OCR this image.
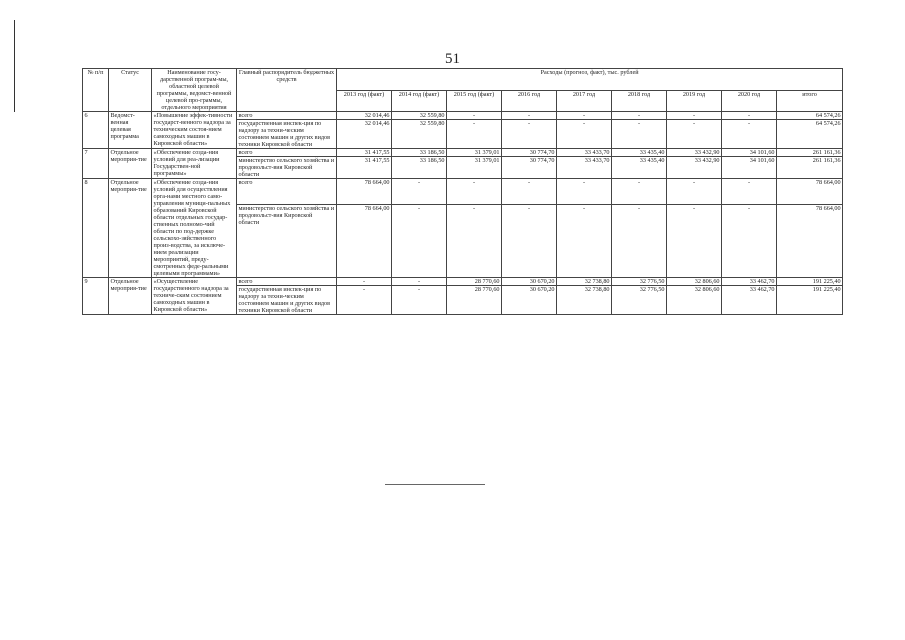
51
№ п/п	Статус	Наименование госу-дарственной програм-мы, областной целевой программы, ведомст-венной целевой про-граммы, отдельного мероприятия	Главный распорядитель бюджетных средств	Расходы (прогноз, факт), тыс. рублей								
				2013 год (факт)	2014 год (факт)	2015 год (факт)	2016 год	2017 год	2018 год	2019 год	2020 год	итого
6	Ведомст-венная целевая программа	«Повышение эффек-тивности государст-венного надзора за техническим состоя-нием самоходных машин в Кировской области»	всего	32 014,46	32 559,80	-	-	-	-	-	-	64 574,26
			государственная инспек-ция по надзору за техни-ческим состоянием машин и других видов техники Кировской области	32 014,46	32 559,80	-	-	-	-	-	-	64 574,26
7	Отдельное мероприя-тие	«Обеспечение созда-ния условий для реа-лизации Государствен-ной программы»	всего	31 417,55	33 186,50	31 379,01	30 774,70	33 433,70	33 435,40	33 432,90	34 101,60	261 161,36
			министерство сельского хозяйства и продовольст-вия Кировской области	31 417,55	33 186,50	31 379,01	30 774,70	33 433,70	33 435,40	33 432,90	34 101,60	261 161,36
8	Отдельное мероприя-тие	«Обеспечение созда-ния условий для осуществления орга-нами местного само-управления муници-пальных образований Кировской области отдельных государ-ственных полномо-чий области по под-держке сельскохо-зяйственного произ-водства, за исключе-нием реализации мероприятий, преду-смотренных феде-ральными целевыми программами»	всего	78 664,00	-	-	-	-	-	-	-	78 664,00
			министерство сельского хозяйства и продовольст-вия Кировской области	78 664,00	-	-	-	-	-	-	-	78 664,00
9	Отдельное мероприя-тие	«Осуществление государственного надзора за техниче-ским состоянием самоходных машин в Кировской области»	всего	-	-	28 770,60	30 670,20	32 738,80	32 776,50	32 806,60	33 462,70	191 225,40
			государственная инспек-ция по надзору за техни-ческим состоянием машин и других видов техники Кировской области	-	-	28 770,60	30 670,20	32 738,80	32 776,50	32 806,60	33 462,70	191 225,40
